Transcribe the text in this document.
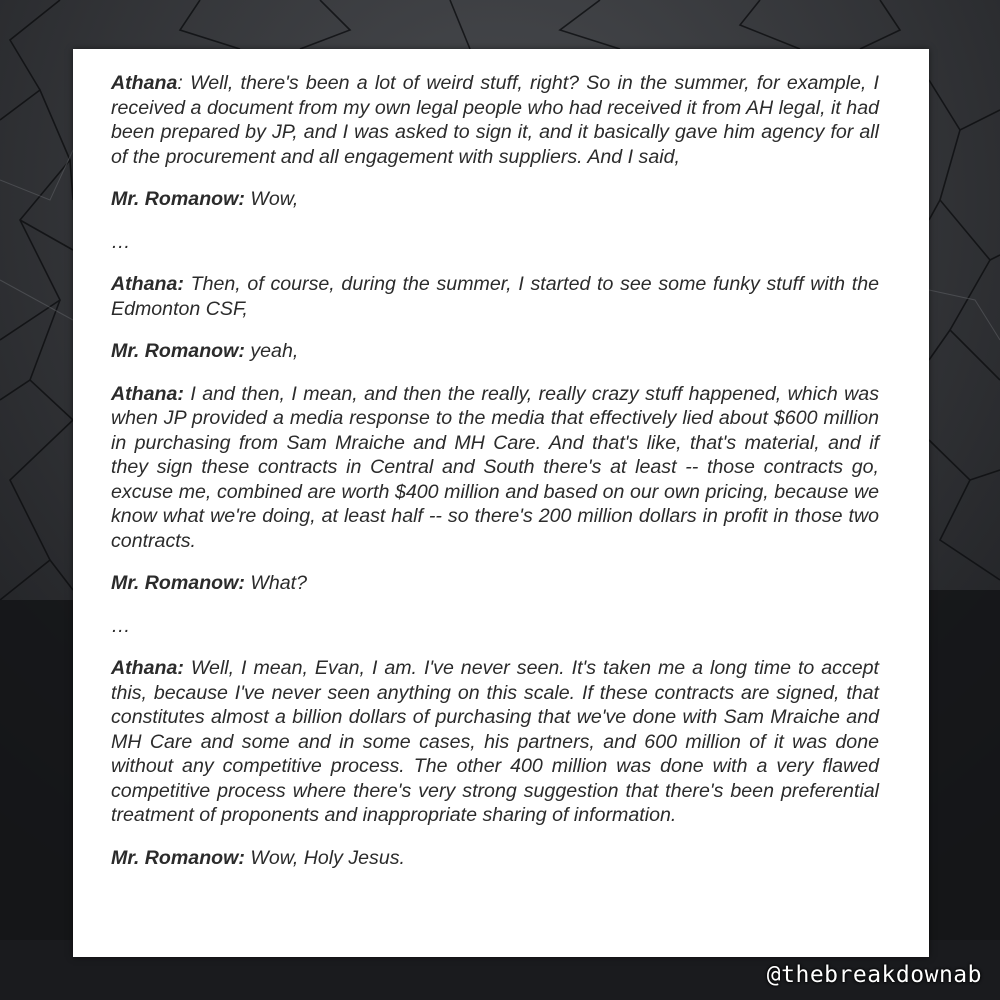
Athana: Well, there's been a lot of weird stuff, right? So in the summer, for example, I received a document from my own legal people who had received it from AH legal, it had been prepared by JP, and I was asked to sign it, and it basically gave him agency for all of the procurement and all engagement with suppliers. And I said,

Mr. Romanow: Wow,

…

Athana: Then, of course, during the summer, I started to see some funky stuff with the Edmonton CSF,

Mr. Romanow: yeah,

Athana: I and then, I mean, and then the really, really crazy stuff happened, which was when JP provided a media response to the media that effectively lied about $600 million in purchasing from Sam Mraiche and MH Care. And that's like, that's material, and if they sign these contracts in Central and South there's at least -- those contracts go, excuse me, combined are worth $400 million and based on our own pricing, because we know what we're doing, at least half -- so there's 200 million dollars in profit in those two contracts.

Mr. Romanow: What?

…

Athana: Well, I mean, Evan, I am. I've never seen. It's taken me a long time to accept this, because I've never seen anything on this scale. If these contracts are signed, that constitutes almost a billion dollars of purchasing that we've done with Sam Mraiche and MH Care and some and in some cases, his partners, and 600 million of it was done without any competitive process. The other 400 million was done with a very flawed competitive process where there's very strong suggestion that there's been preferential treatment of proponents and inappropriate sharing of information.

Mr. Romanow: Wow, Holy Jesus.

@thebreakdownab
